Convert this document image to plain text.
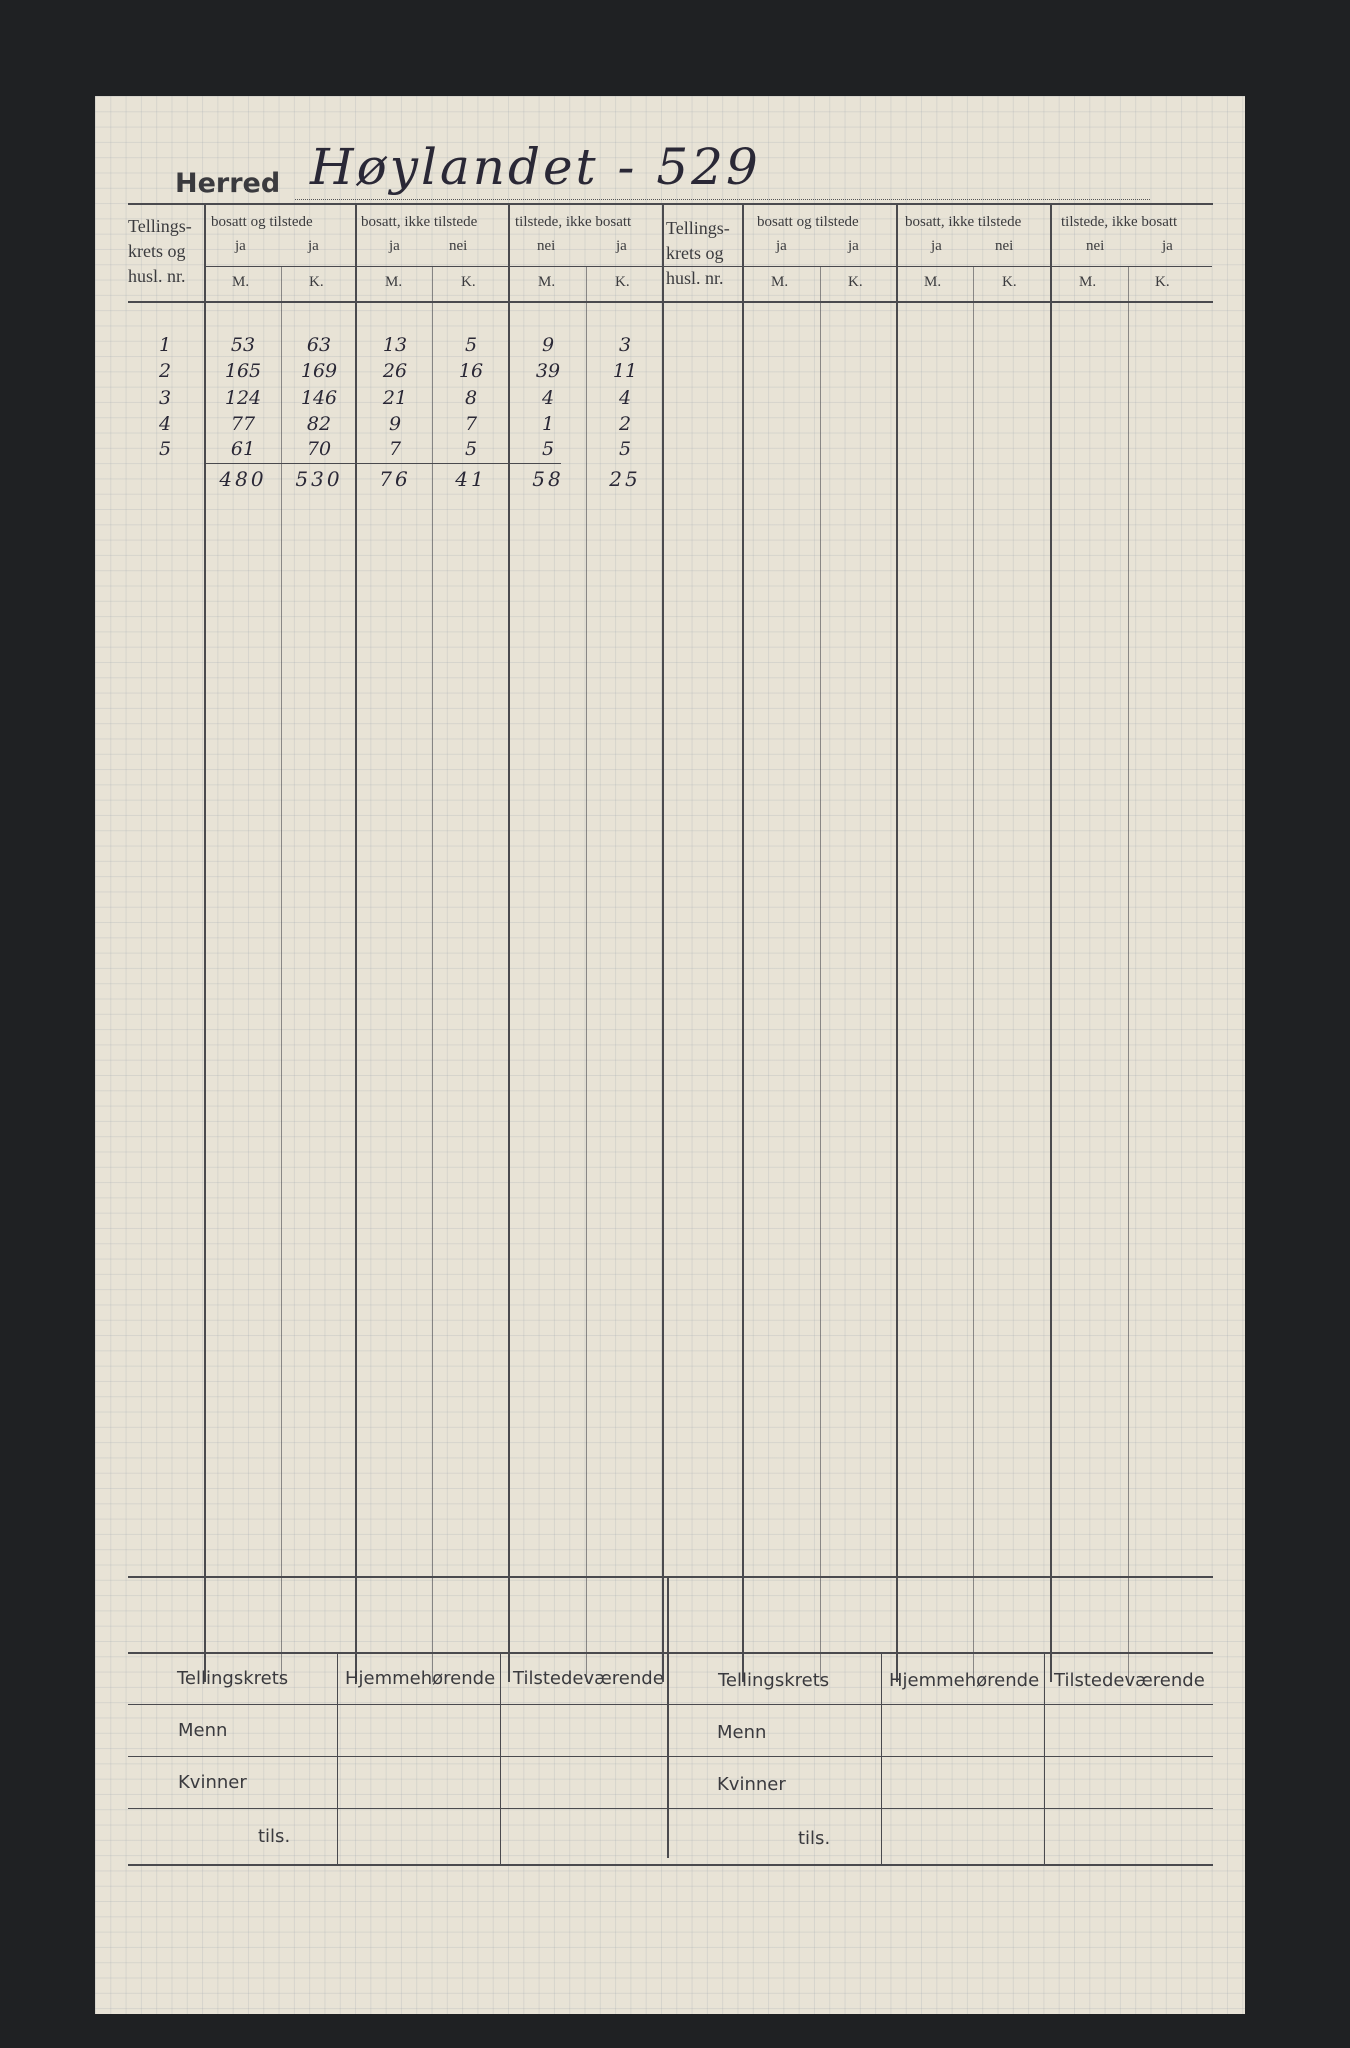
Herred Høylandet - 529
Tellings-
krets og
husl. nr.
bosatt og tilstede
ja	ja
bosatt, ikke tilstede
ja	nei
tilstede, ikke bosatt
nei	ja
M.	K.	M.	K.	M.	K.
Tellings-
krets og
husl. nr.
bosatt og tilstede
ja	ja
bosatt, ikke tilstede
ja	nei
tilstede, ikke bosatt
nei	ja
M.	K.	M.	K.	M.	K.
1	53	63	13	5	9	3
2	165	169	26	16	39	11
3	124	146	21	8	4	4
4	77	82	9	7	1	2
5	61	70	7	5	5	5
480	530	76	41	58	25
Tellingskrets	Hjemmehørende Tilstedeværende
Menn
Kvinner
tils.
Tellingskrets	Hjemmehørende Tilstedeværende
Menn
Kvinner
tils.
